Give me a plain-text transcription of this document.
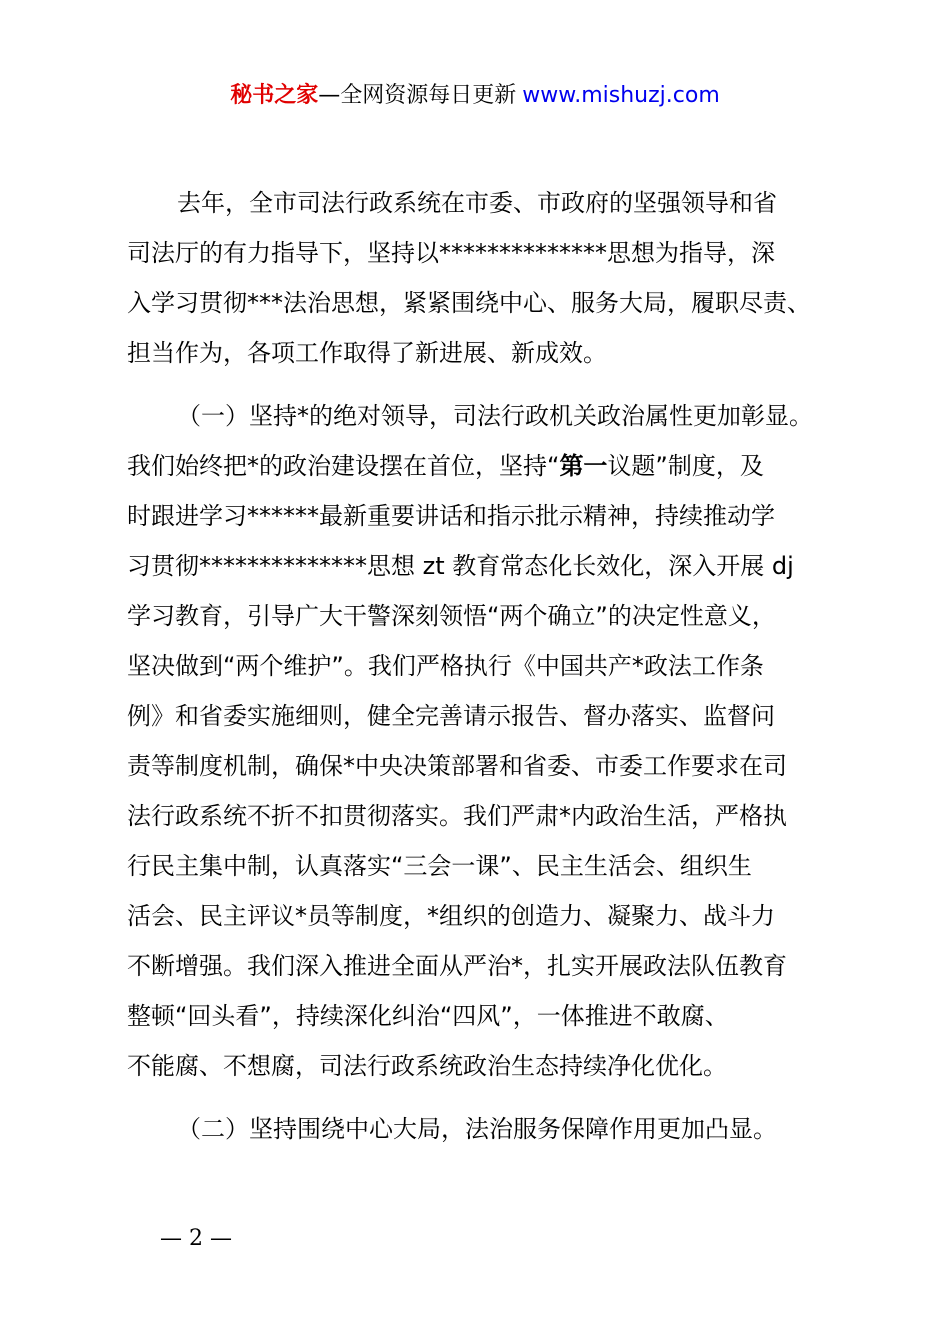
秘书之家—全网资源每日更新 www.mishuzj.com
去年，全市司法行政系统在市委、市政府的坚强领导和省
司法厅的有力指导下，坚持以**************思想为指导，深
入学习贯彻***法治思想，紧紧围绕中心、服务大局，履职尽责、
担当作为，各项工作取得了新进展、新成效。
（一）坚持*的绝对领导，司法行政机关政治属性更加彰显。
我们始终把*的政治建设摆在首位，坚持“第一议题”制度，及
时跟进学习******最新重要讲话和指示批示精神，持续推动学
习贯彻**************思想 zt 教育常态化长效化，深入开展 dj
学习教育，引导广大干警深刻领悟“两个确立”的决定性意义，
坚决做到“两个维护”。我们严格执行《中国共产*政法工作条
例》和省委实施细则，健全完善请示报告、督办落实、监督问
责等制度机制，确保*中央决策部署和省委、市委工作要求在司
法行政系统不折不扣贯彻落实。我们严肃*内政治生活，严格执
行民主集中制，认真落实“三会一课”、民主生活会、组织生
活会、民主评议*员等制度，*组织的创造力、凝聚力、战斗力
不断增强。我们深入推进全面从严治*，扎实开展政法队伍教育
整顿“回头看”，持续深化纠治“四风”，一体推进不敢腐、
不能腐、不想腐，司法行政系统政治生态持续净化优化。
（二）坚持围绕中心大局，法治服务保障作用更加凸显。
— 2 —
